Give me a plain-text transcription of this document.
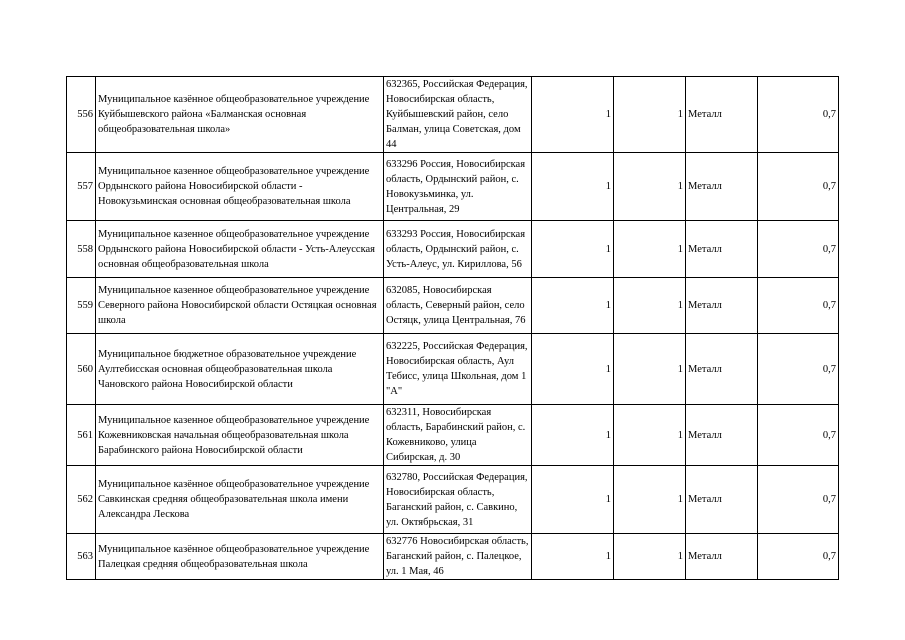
556	Муниципальное казённое общеобразовательное учреждение Куйбышевского района «Балманская основная общеобразовательная школа»	632365, Российская Федерация, Новосибирская область, Куйбышевский район, село Балман, улица Советская, дом 44	1	1	Металл	0,7
557	Муниципальное казенное общеобразовательное учреждение Ордынского района Новосибирской области - Новокузьминская основная общеобразовательная школа	633296 Россия, Новосибирская область, Ордынский район, с. Новокузьминка, ул. Центральная, 29	1	1	Металл	0,7
558	Муниципальное казенное общеобразовательное учреждение Ордынского района Новосибирской области - Усть-Алеусская основная общеобразовательная школа	633293 Россия, Новосибирская область, Ордынский район, с. Усть-Алеус, ул. Кириллова, 56	1	1	Металл	0,7
559	Муниципальное казенное общеобразовательное учреждение Северного района Новосибирской области Остяцкая основная школа	632085, Новосибирская область, Северный район, село Остяцк, улица Центральная, 76	1	1	Металл	0,7
560	Муниципальное бюджетное образовательное учреждение Аултебисская основная общеобразовательная школа Чановского района Новосибирской области	632225, Российская Федерация, Новосибирская область, Аул Тебисс, улица Школьная, дом 1 "А"	1	1	Металл	0,7
561	Муниципальное казенное общеобразовательное учреждение Кожевниковская начальная общеобразовательная школа Барабинского района Новосибирской области	632311, Новосибирская область, Барабинский район, с. Кожевниково, улица Сибирская, д. 30	1	1	Металл	0,7
562	Муниципальное казённое общеобразовательное учреждение Савкинская средняя общеобразовательная школа имени Александра Лескова	632780, Российская Федерация, Новосибирская область, Баганский район, с. Савкино, ул. Октябрьская, 31	1	1	Металл	0,7
563	Муниципальное казённое общеобразовательное учреждение Палецкая средняя общеобразовательная школа	632776 Новосибирская область, Баганский район, с. Палецкое, ул. 1 Мая, 46	1	1	Металл	0,7
